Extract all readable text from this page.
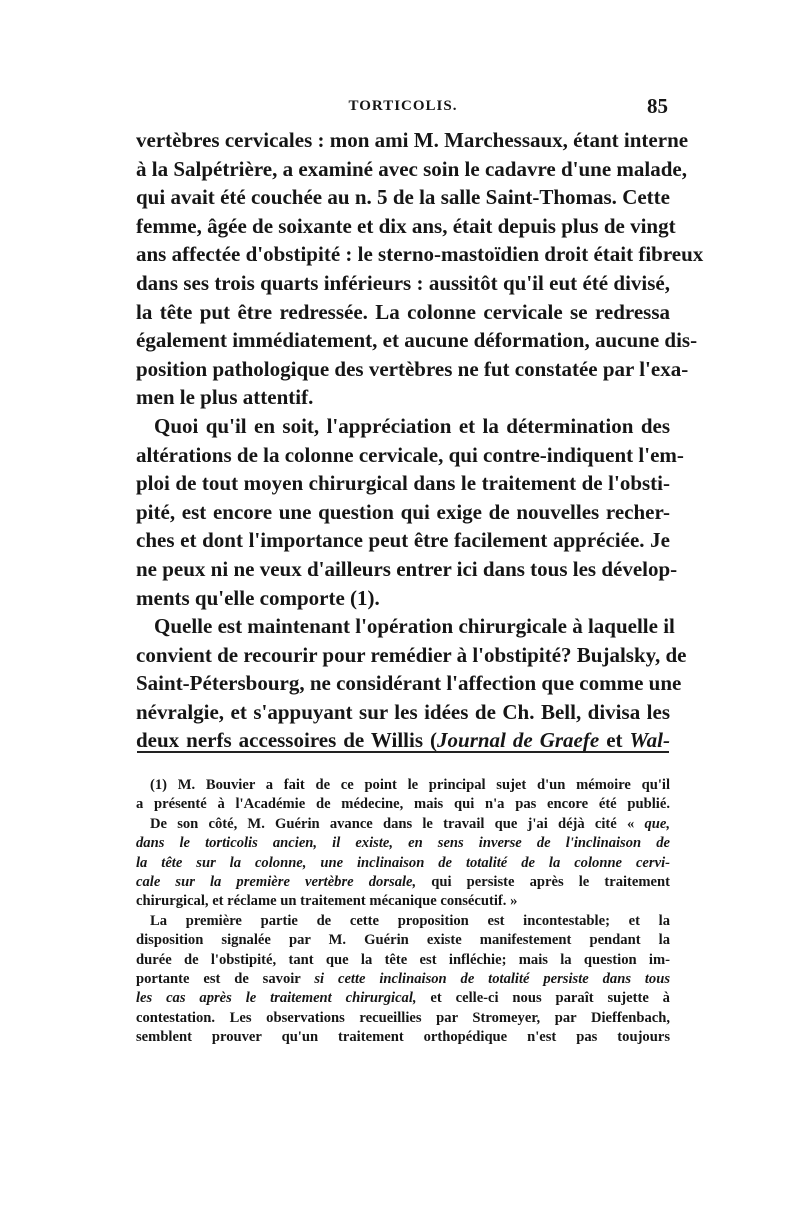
TORTICOLIS.	85
vertèbres cervicales : mon ami M. Marchessaux, étant interne
à la Salpétrière, a examiné avec soin le cadavre d'une malade,
qui avait été couchée au n. 5 de la salle Saint-Thomas. Cette
femme, âgée de soixante et dix ans, était depuis plus de vingt
ans affectée d'obstipité : le sterno-mastoïdien droit était fibreux
dans ses trois quarts inférieurs : aussitôt qu'il eut été divisé,
la tête put être redressée. La colonne cervicale se redressa
également immédiatement, et aucune déformation, aucune dis-
position pathologique des vertèbres ne fut constatée par l'exa-
men le plus attentif.
Quoi qu'il en soit, l'appréciation et la détermination des
altérations de la colonne cervicale, qui contre-indiquent l'em-
ploi de tout moyen chirurgical dans le traitement de l'obsti-
pité, est encore une question qui exige de nouvelles recher-
ches et dont l'importance peut être facilement appréciée. Je
ne peux ni ne veux d'ailleurs entrer ici dans tous les dévelop-
ments qu'elle comporte (1).
Quelle est maintenant l'opération chirurgicale à laquelle il
convient de recourir pour remédier à l'obstipité? Bujalsky, de
Saint-Pétersbourg, ne considérant l'affection que comme une
névralgie, et s'appuyant sur les idées de Ch. Bell, divisa les
deux nerfs accessoires de Willis (Journal de Graefe et Wal-
(1) M. Bouvier a fait de ce point le principal sujet d'un mémoire qu'il
a présenté à l'Académie de médecine, mais qui n'a pas encore été publié.
De son côté, M. Guérin avance dans le travail que j'ai déjà cité « que,
dans le torticolis ancien, il existe, en sens inverse de l'inclinaison de
la tête sur la colonne, une inclinaison de totalité de la colonne cervi-
cale sur la première vertèbre dorsale, qui persiste après le traitement
chirurgical, et réclame un traitement mécanique consécutif. »
La première partie de cette proposition est incontestable; et la
disposition signalée par M. Guérin existe manifestement pendant la
durée de l'obstipité, tant que la tête est infléchie; mais la question im-
portante est de savoir si cette inclinaison de totalité persiste dans tous
les cas après le traitement chirurgical, et celle-ci nous paraît sujette à
contestation. Les observations recueillies par Stromeyer, par Dieffenbach,
semblent prouver qu'un traitement orthopédique n'est pas toujours
